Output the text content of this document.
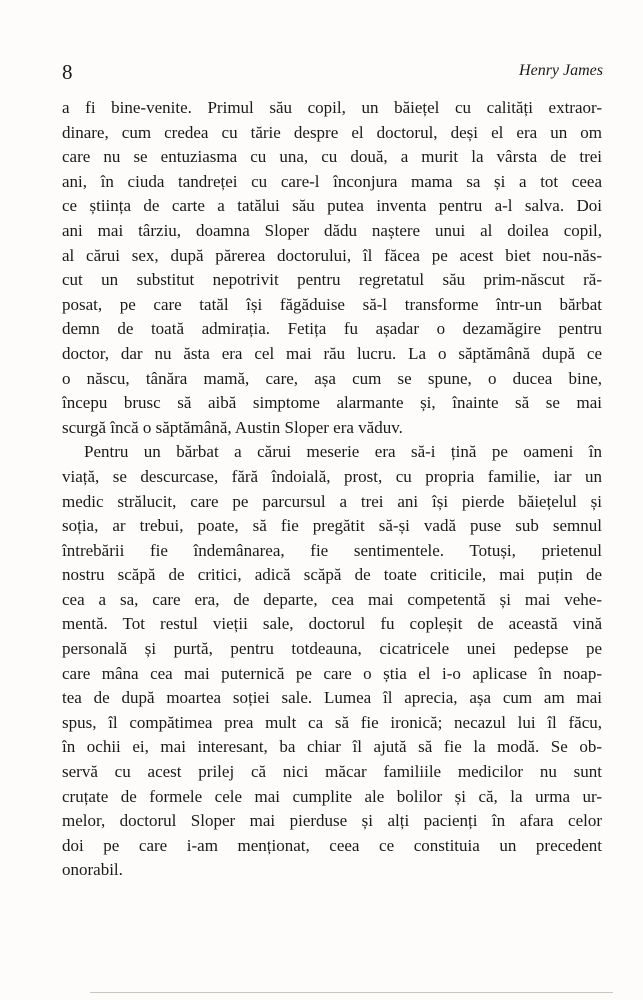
8	Henry James
a fi bine-venite. Primul său copil, un băiețel cu calități extraor-
dinare, cum credea cu tărie despre el doctorul, deși el era un om
care nu se entuziasma cu una, cu două, a murit la vârsta de trei
ani, în ciuda tandreței cu care-l înconjura mama sa și a tot ceea
ce știința de carte a tatălui său putea inventa pentru a-l salva. Doi
ani mai târziu, doamna Sloper dădu naștere unui al doilea copil,
al cărui sex, după părerea doctorului, îl făcea pe acest biet nou-năs-
cut un substitut nepotrivit pentru regretatul său prim-născut ră-
posat, pe care tatăl își făgăduise să-l transforme într-un bărbat
demn de toată admirația. Fetița fu așadar o dezamăgire pentru
doctor, dar nu ăsta era cel mai rău lucru. La o săptămână după ce
o născu, tânăra mamă, care, așa cum se spune, o ducea bine,
începu brusc să aibă simptome alarmante și, înainte să se mai
scurgă încă o săptămână, Austin Sloper era văduv.
Pentru un bărbat a cărui meserie era să-i țină pe oameni în
viață, se descurcase, fără îndoială, prost, cu propria familie, iar un
medic strălucit, care pe parcursul a trei ani își pierde băiețelul și
soția, ar trebui, poate, să fie pregătit să-și vadă puse sub semnul
întrebării fie îndemânarea, fie sentimentele. Totuși, prietenul
nostru scăpă de critici, adică scăpă de toate criticile, mai puțin de
cea a sa, care era, de departe, cea mai competentă și mai vehe-
mentă. Tot restul vieții sale, doctorul fu copleșit de această vină
personală și purtă, pentru totdeauna, cicatricele unei pedepse pe
care mâna cea mai puternică pe care o știa el i-o aplicase în noap-
tea de după moartea soției sale. Lumea îl aprecia, așa cum am mai
spus, îl compătimea prea mult ca să fie ironică; necazul lui îl făcu,
în ochii ei, mai interesant, ba chiar îl ajută să fie la modă. Se ob-
servă cu acest prilej că nici măcar familiile medicilor nu sunt
cruțate de formele cele mai cumplite ale bolilor și că, la urma ur-
melor, doctorul Sloper mai pierduse și alți pacienți în afara celor
doi pe care i-am menționat, ceea ce constituia un precedent
onorabil.
